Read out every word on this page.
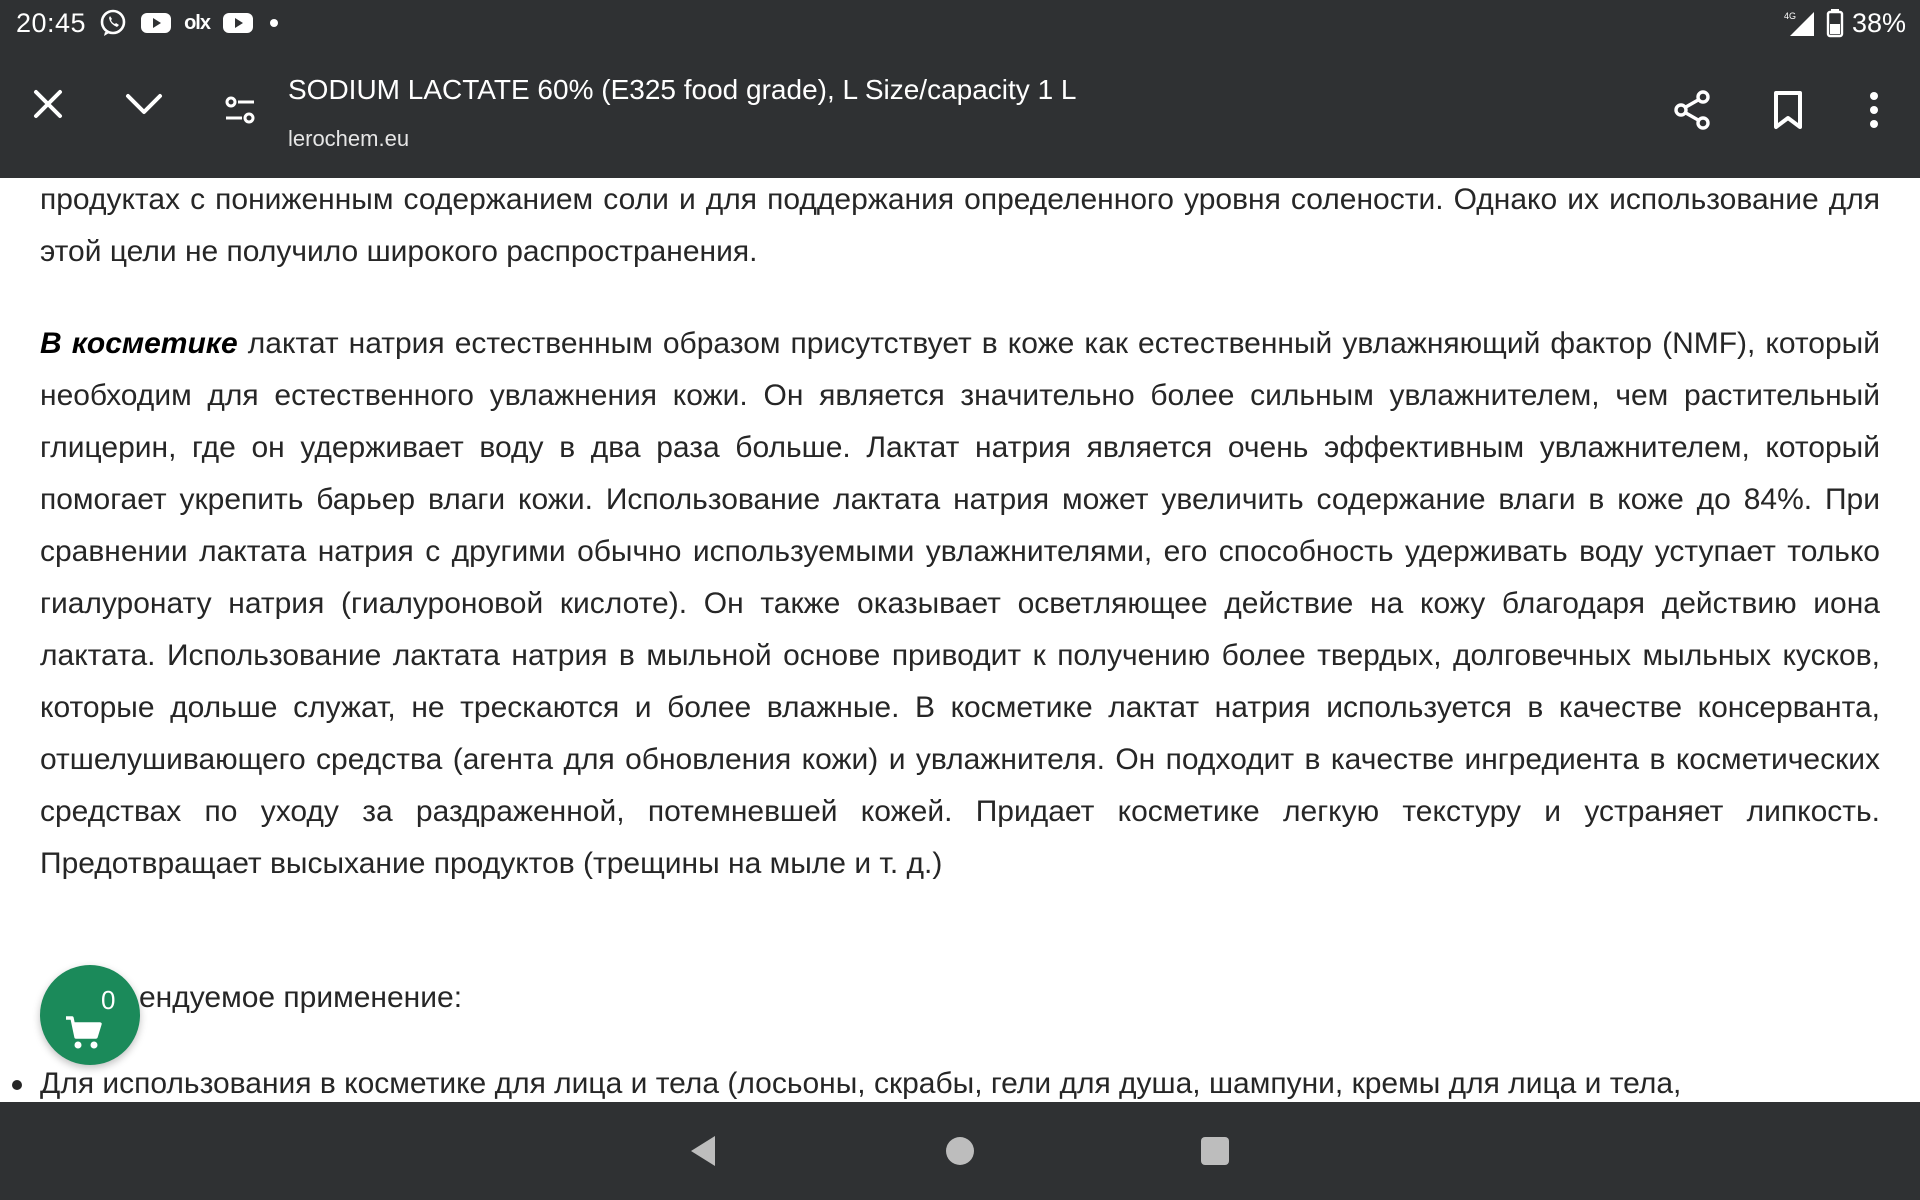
20:45	olx	4G 38%
SODIUM LACTATE 60% (E325 food grade), L Size/capacity 1 L
lerochem.eu

продуктах с пониженным содержанием соли и для поддержания определенного уровня солености. Однако их использование для этой цели не получило широкого распространения.

В косметике лактат натрия естественным образом присутствует в коже как естественный увлажняющий фактор (NMF), который необходим для естественного увлажнения кожи. Он является значительно более сильным увлажнителем, чем растительный глицерин, где он удерживает воду в два раза больше. Лактат натрия является очень эффективным увлажнителем, который помогает укрепить барьер влаги кожи. Использование лактата натрия может увеличить содержание влаги в коже до 84%. При сравнении лактата натрия с другими обычно используемыми увлажнителями, его способность удерживать воду уступает только гиалуронату натрия (гиалуроновой кислоте). Он также оказывает осветляющее действие на кожу благодаря действию иона лактата. Использование лактата натрия в мыльной основе приводит к получению более твердых, долговечных мыльных кусков, которые дольше служат, не трескаются и более влажные. В косметике лактат натрия используется в качестве консерванта, отшелушивающего средства (агента для обновления кожи) и увлажнителя. Он подходит в качестве ингредиента в косметических средствах по уходу за раздраженной, потемневшей кожей. Придает косметике легкую текстуру и устраняет липкость. Предотвращает высыхание продуктов (трещины на мыле и т. д.)

ендуемое применение:

Для использования в косметике для лица и тела (лосьоны, скрабы, гели для душа, шампуни, кремы для лица и тела,
0
